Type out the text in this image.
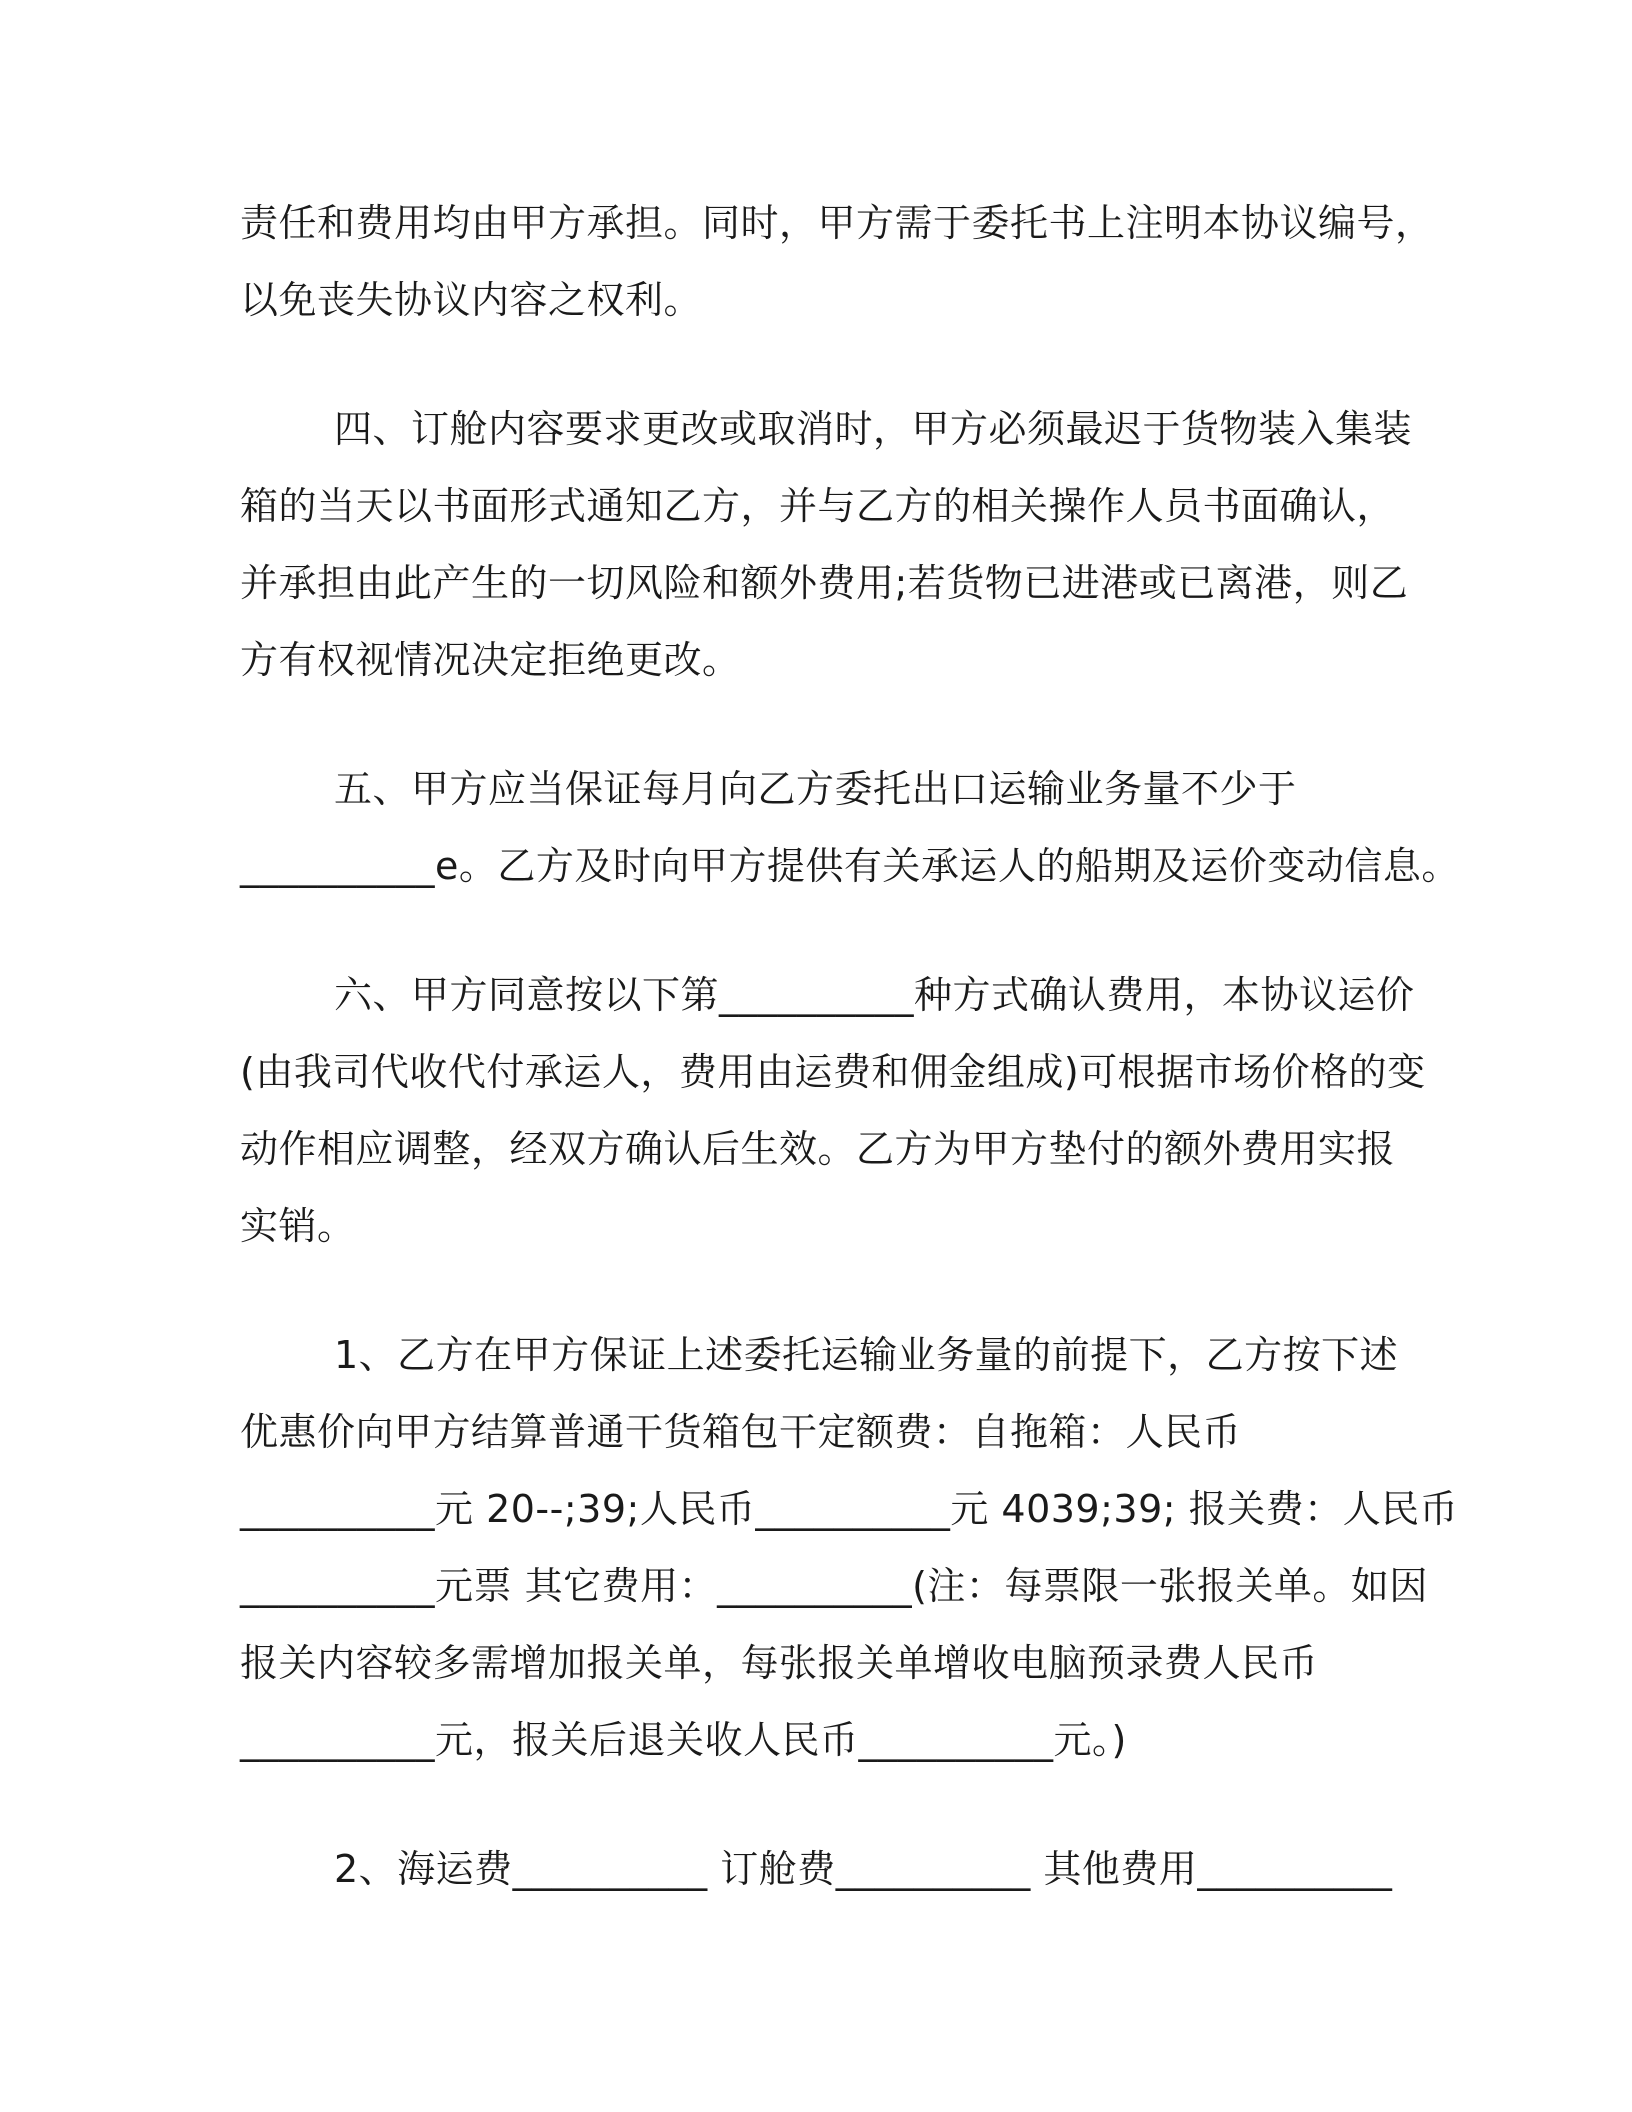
责任和费用均由甲方承担。同时，甲方需于委托书上注明本协议编号，
以免丧失协议内容之权利。

四、订舱内容要求更改或取消时，甲方必须最迟于货物装入集装
箱的当天以书面形式通知乙方，并与乙方的相关操作人员书面确认，
并承担由此产生的一切风险和额外费用;若货物已进港或已离港，则乙
方有权视情况决定拒绝更改。

五、甲方应当保证每月向乙方委托出口运输业务量不少于
__________e。乙方及时向甲方提供有关承运人的船期及运价变动信息。

六、甲方同意按以下第__________种方式确认费用，本协议运价
(由我司代收代付承运人，费用由运费和佣金组成)可根据市场价格的变
动作相应调整，经双方确认后生效。乙方为甲方垫付的额外费用实报
实销。

1、乙方在甲方保证上述委托运输业务量的前提下，乙方按下述
优惠价向甲方结算普通干货箱包干定额费：自拖箱：人民币
__________元 20--;39;人民币__________元 4039;39; 报关费：人民币
__________元票 其它费用：__________(注：每票限一张报关单。如因
报关内容较多需增加报关单，每张报关单增收电脑预录费人民币
__________元，报关后退关收人民币__________元。)

2、海运费__________ 订舱费__________ 其他费用__________
